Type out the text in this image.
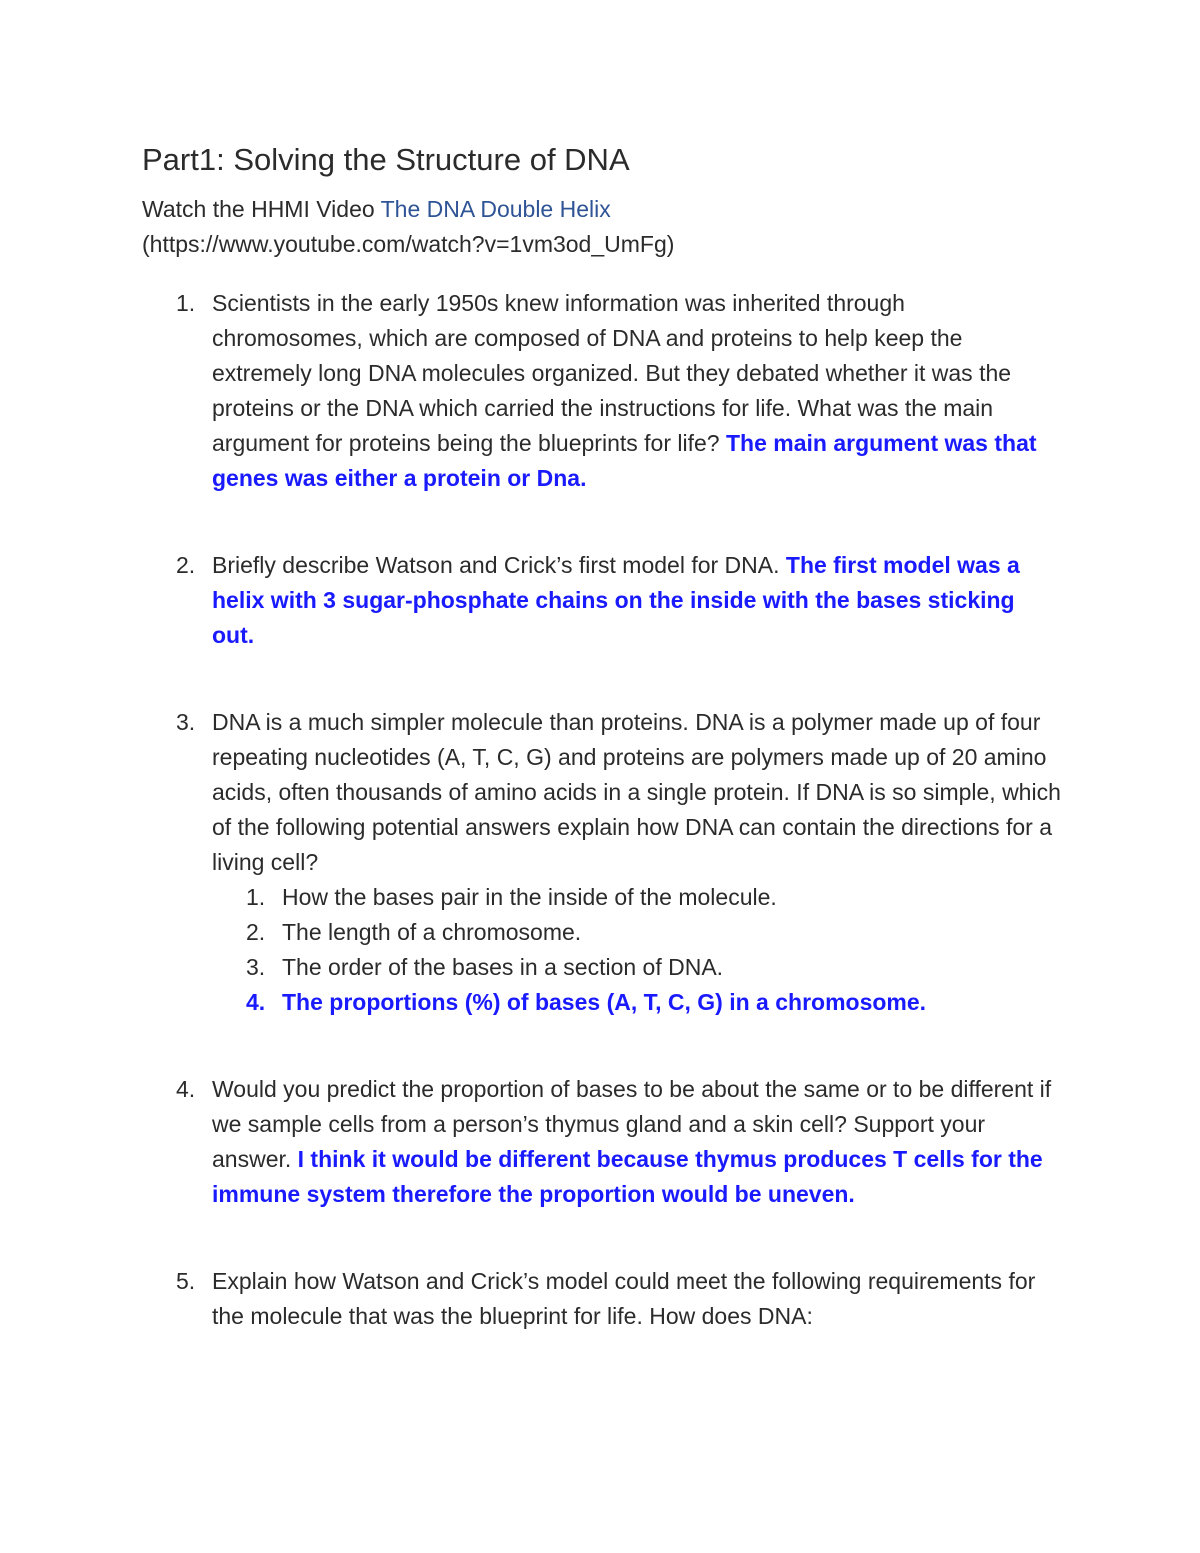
Part1: Solving the Structure of DNA

Watch the HHMI Video The DNA Double Helix
(https://www.youtube.com/watch?v=1vm3od_UmFg)

1. Scientists in the early 1950s knew information was inherited through chromosomes, which are composed of DNA and proteins to help keep the extremely long DNA molecules organized. But they debated whether it was the proteins or the DNA which carried the instructions for life. What was the main argument for proteins being the blueprints for life? The main argument was that genes was either a protein or Dna.
2. Briefly describe Watson and Crick’s first model for DNA. The first model was a helix with 3 sugar-phosphate chains on the inside with the bases sticking out.
3. DNA is a much simpler molecule than proteins. DNA is a polymer made up of four repeating nucleotides (A, T, C, G) and proteins are polymers made up of 20 amino acids, often thousands of amino acids in a single protein. If DNA is so simple, which of the following potential answers explain how DNA can contain the directions for a living cell?
1. How the bases pair in the inside of the molecule.
2. The length of a chromosome.
3. The order of the bases in a section of DNA.
4. The proportions (%) of bases (A, T, C, G) in a chromosome.
4. Would you predict the proportion of bases to be about the same or to be different if we sample cells from a person’s thymus gland and a skin cell? Support your answer. I think it would be different because thymus produces T cells for the immune system therefore the proportion would be uneven.
5. Explain how Watson and Crick’s model could meet the following requirements for the molecule that was the blueprint for life. How does DNA:
